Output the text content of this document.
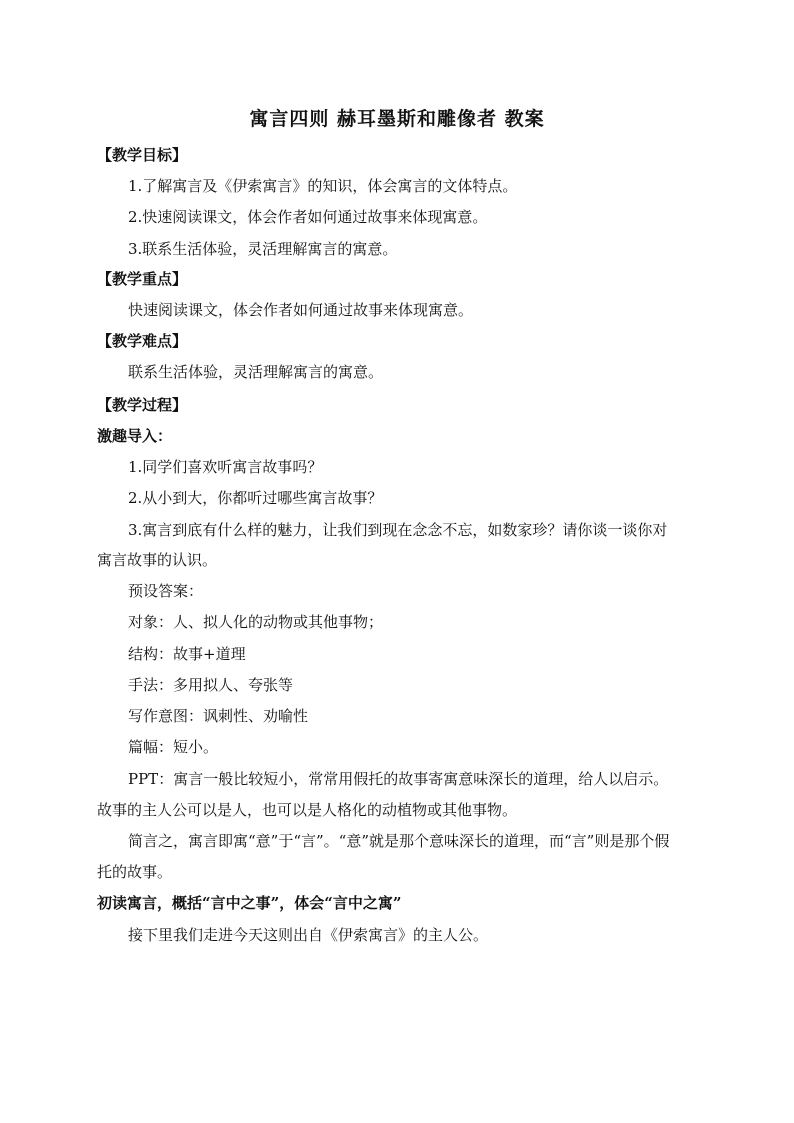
寓言四则 赫耳墨斯和雕像者 教案
【教学目标】
1.了解寓言及《伊索寓言》的知识，体会寓言的文体特点。
2.快速阅读课文，体会作者如何通过故事来体现寓意。
3.联系生活体验，灵活理解寓言的寓意。
【教学重点】
快速阅读课文，体会作者如何通过故事来体现寓意。
【教学难点】
联系生活体验，灵活理解寓言的寓意。
【教学过程】
激趣导入：
1.同学们喜欢听寓言故事吗？
2.从小到大，你都听过哪些寓言故事？
3.寓言到底有什么样的魅力，让我们到现在念念不忘，如数家珍？请你谈一谈你对
寓言故事的认识。
预设答案：
对象：人、拟人化的动物或其他事物；
结构：故事+道理
手法：多用拟人、夸张等
写作意图：讽刺性、劝喻性
篇幅：短小。
PPT：寓言一般比较短小，常常用假托的故事寄寓意味深长的道理，给人以启示。
故事的主人公可以是人，也可以是人格化的动植物或其他事物。
简言之，寓言即寓“意”于“言”。“意”就是那个意味深长的道理，而“言”则是那个假
托的故事。
初读寓言，概括“言中之事”，体会“言中之寓”
接下里我们走进今天这则出自《伊索寓言》的主人公。
